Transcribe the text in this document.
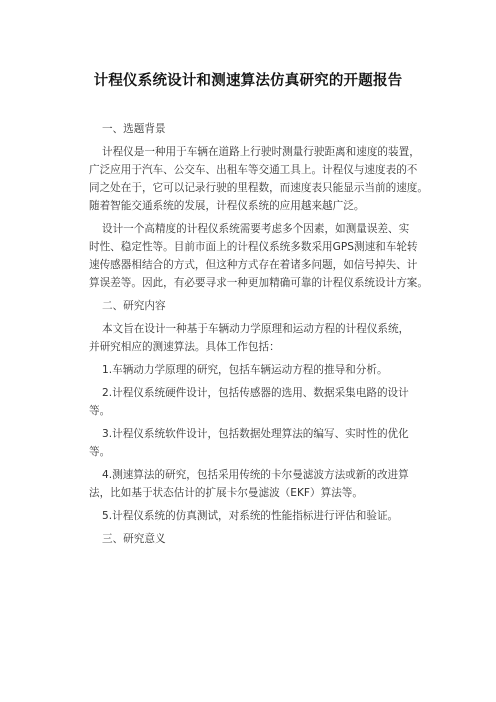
计程仪系统设计和测速算法仿真研究的开题报告
一、选题背景
计程仪是一种用于车辆在道路上行驶时测量行驶距离和速度的装置，
广泛应用于汽车、公交车、出租车等交通工具上。计程仪与速度表的不
同之处在于，它可以记录行驶的里程数，而速度表只能显示当前的速度。
随着智能交通系统的发展，计程仪系统的应用越来越广泛。
设计一个高精度的计程仪系统需要考虑多个因素，如测量误差、实
时性、稳定性等。目前市面上的计程仪系统多数采用GPS测速和车轮转
速传感器相结合的方式，但这种方式存在着诸多问题，如信号掉失、计
算误差等。因此，有必要寻求一种更加精确可靠的计程仪系统设计方案。
二、研究内容
本文旨在设计一种基于车辆动力学原理和运动方程的计程仪系统，
并研究相应的测速算法。具体工作包括：
1.车辆动力学原理的研究，包括车辆运动方程的推导和分析。
2.计程仪系统硬件设计，包括传感器的选用、数据采集电路的设计
等。
3.计程仪系统软件设计，包括数据处理算法的编写、实时性的优化
等。
4.测速算法的研究，包括采用传统的卡尔曼滤波方法或新的改进算
法，比如基于状态估计的扩展卡尔曼滤波（EKF）算法等。
5.计程仪系统的仿真测试，对系统的性能指标进行评估和验证。
三、研究意义
